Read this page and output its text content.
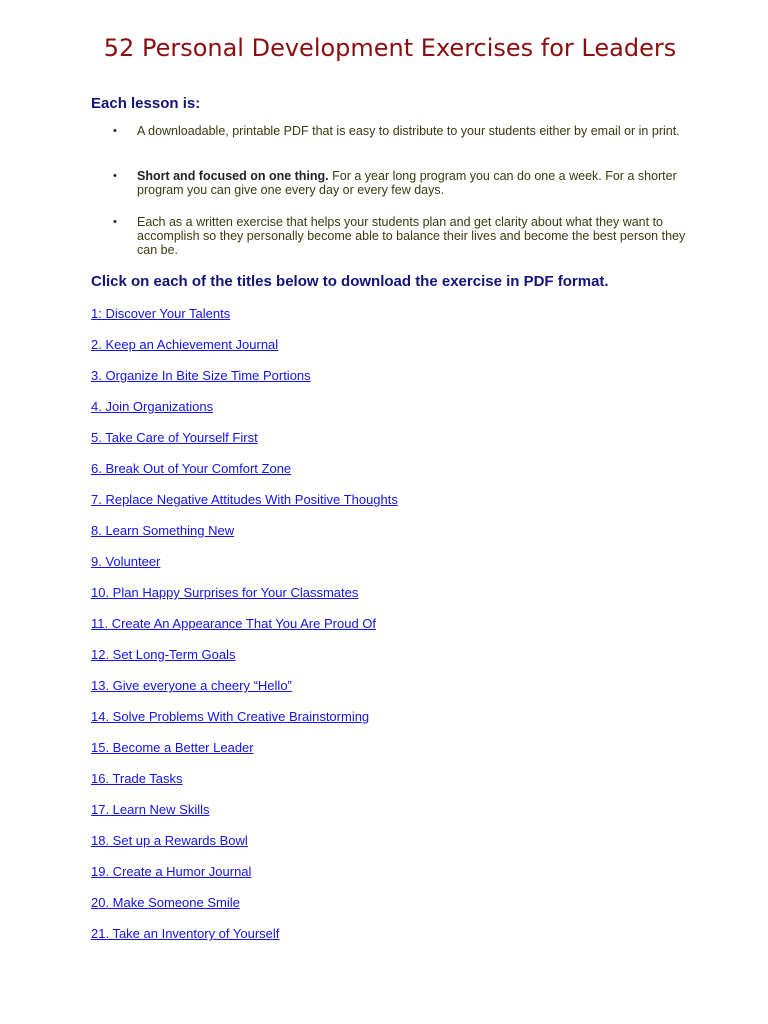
52 Personal Development Exercises for Leaders
Each lesson is:
• A downloadable, printable PDF that is easy to distribute to your students either by email or in print.
• Short and focused on one thing. For a year long program you can do one a week. For a shorter program you can give one every day or every few days.
• Each as a written exercise that helps your students plan and get clarity about what they want to accomplish so they personally become able to balance their lives and become the best person they can be.
Click on each of the titles below to download the exercise in PDF format.
1: Discover Your Talents
2. Keep an Achievement Journal
3. Organize In Bite Size Time Portions
4. Join Organizations
5. Take Care of Yourself First
6. Break Out of Your Comfort Zone
7. Replace Negative Attitudes With Positive Thoughts
8. Learn Something New
9. Volunteer
10. Plan Happy Surprises for Your Classmates
11. Create An Appearance That You Are Proud Of
12. Set Long-Term Goals
13. Give everyone a cheery “Hello”
14. Solve Problems With Creative Brainstorming
15. Become a Better Leader
16. Trade Tasks
17. Learn New Skills
18. Set up a Rewards Bowl
19. Create a Humor Journal
20. Make Someone Smile
21. Take an Inventory of Yourself
